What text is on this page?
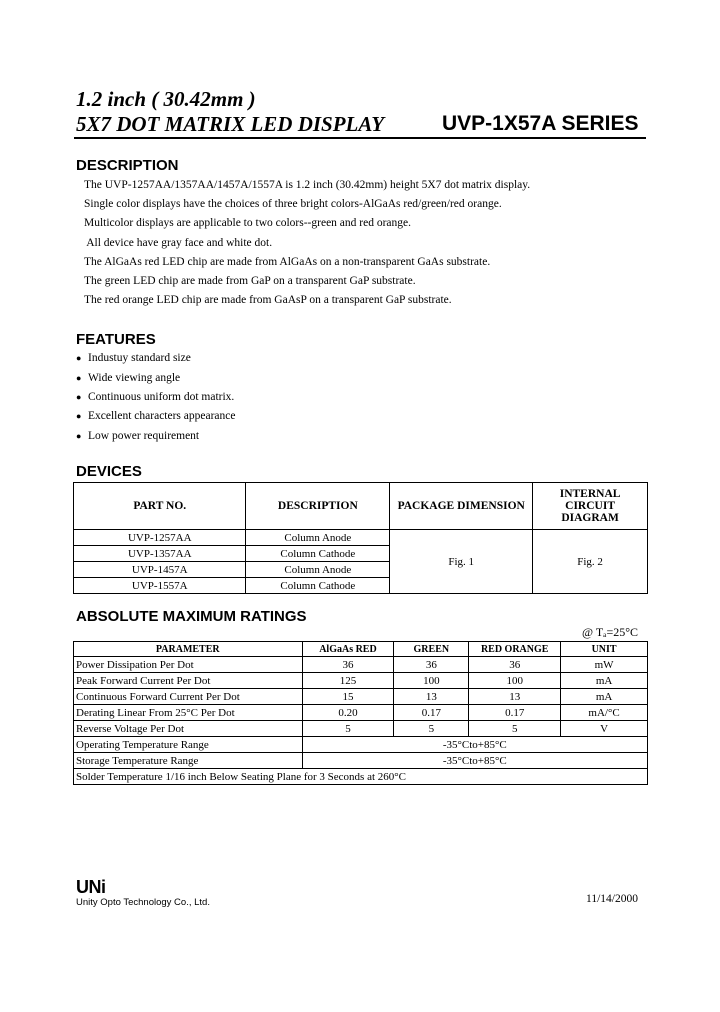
1.2 inch ( 30.42mm )
5X7 DOT MATRIX LED DISPLAY	UVP-1X57A SERIES
DESCRIPTION
The UVP-1257AA/1357AA/1457A/1557A is 1.2 inch (30.42mm) height 5X7 dot matrix display.
Single color displays have the choices of three bright colors-AlGaAs red/green/red orange.
Multicolor displays are applicable to two colors--green and red orange.
All device have gray face and white dot.
The AlGaAs red LED chip are made from AlGaAs on a non-transparent GaAs substrate.
The green LED chip are made from GaP on a transparent GaP substrate.
The red orange LED chip are made from GaAsP on a transparent GaP substrate.
FEATURES
● Industuy standard size
● Wide viewing angle
● Continuous uniform dot matrix.
● Excellent characters appearance
● Low power requirement
DEVICES
PART NO.	DESCRIPTION	PACKAGE DIMENSION	INTERNAL CIRCUIT DIAGRAM
UVP-1257AA	Column Anode	Fig. 1	Fig. 2
UVP-1357AA	Column Cathode		
UVP-1457A	Column Anode		
UVP-1557A	Column Cathode		
ABSOLUTE MAXIMUM RATINGS
@ Tₐ=25°C
PARAMETER	AlGaAs RED	GREEN	RED ORANGE	UNIT
Power Dissipation Per Dot	36	36	36	mW
Peak Forward Current Per Dot	125	100	100	mA
Continuous Forward Current Per Dot	15	13	13	mA
Derating Linear From 25°C Per Dot	0.20	0.17	0.17	mA/°C
Reverse Voltage Per Dot	5	5	5	V
Operating Temperature Range	-35°Cto+85°C			
Storage Temperature Range	-35°Cto+85°C			
Solder Temperature 1/16 inch Below Seating Plane for 3 Seconds at 260°C				
UNi
Unity Opto Technology Co., Ltd.	11/14/2000
